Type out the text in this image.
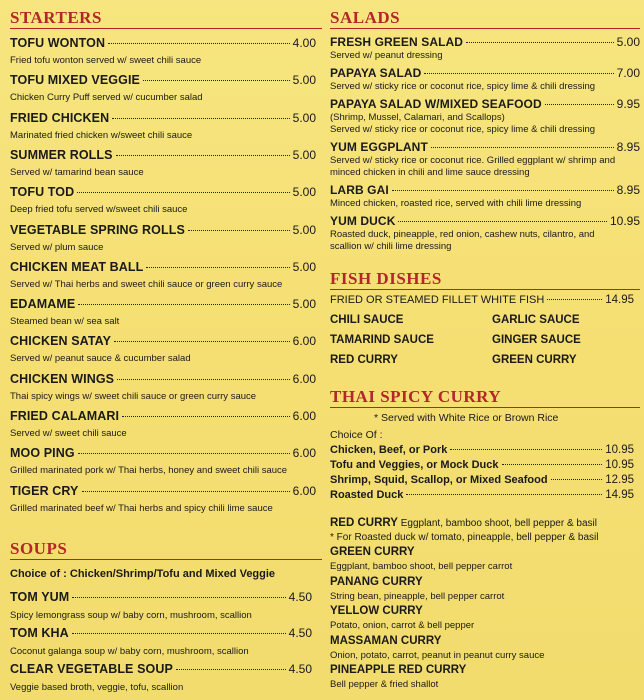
STARTERS
TOFU WONTON	4.00
Fried tofu wonton served w/ sweet chili sauce
TOFU MIXED VEGGIE	5.00
Chicken Curry Puff served w/ cucumber salad
FRIED CHICKEN	5.00
Marinated fried chicken w/sweet chili sauce
SUMMER ROLLS	5.00
Served w/ tamarind bean sauce
TOFU TOD	5.00
Deep fried tofu served w/sweet chili sauce
VEGETABLE SPRING ROLLS	5.00
Served w/ plum sauce
CHICKEN MEAT BALL	5.00
Served w/ Thai herbs and sweet chili sauce or green curry sauce
EDAMAME	5.00
Steamed bean w/ sea salt
CHICKEN SATAY	6.00
Served w/ peanut sauce & cucumber salad
CHICKEN WINGS	6.00
Thai spicy wings w/ sweet chili sauce or green curry sauce
FRIED CALAMARI	6.00
Served w/ sweet chili sauce
MOO PING	6.00
Grilled marinated pork w/ Thai herbs, honey and sweet chili sauce
TIGER CRY	6.00
Grilled marinated beef w/ Thai herbs and spicy chili lime sauce
SOUPS
Choice of : Chicken/Shrimp/Tofu and Mixed Veggie
TOM YUM	4.50
Spicy lemongrass soup w/ baby corn, mushroom, scallion
TOM KHA	4.50
Coconut galanga soup w/ baby corn, mushroom, scallion
CLEAR VEGETABLE SOUP	4.50
Veggie based broth, veggie, tofu, scallion
SALADS
FRESH GREEN SALAD	5.00
Served w/ peanut dressing
PAPAYA SALAD	7.00
Served w/ sticky rice or coconut rice, spicy lime & chili dressing
PAPAYA SALAD W/MIXED SEAFOOD	9.95
(Shrimp, Mussel, Calamari, and Scallops)
Served w/ sticky rice or coconut rice, spicy lime & chili dressing
YUM EGGPLANT	8.95
Served w/ sticky rice or coconut rice. Grilled eggplant w/ shrimp and
minced chicken in chili and lime sauce dressing
LARB GAI	8.95
Minced chicken, roasted rice, served with chili lime dressing
YUM DUCK	10.95
Roasted duck, pineapple, red onion, cashew nuts, cilantro, and
scallion w/ chili lime dressing
FISH DISHES
FRIED OR STEAMED FILLET WHITE FISH	14.95
CHILI SAUCE	GARLIC SAUCE
TAMARIND SAUCE	GINGER SAUCE
RED CURRY	GREEN CURRY
THAI SPICY CURRY
* Served with White Rice or Brown Rice
Choice Of :
Chicken, Beef, or Pork	10.95
Tofu and Veggies, or Mock Duck	10.95
Shrimp, Squid, Scallop, or Mixed Seafood	12.95
Roasted Duck	14.95
RED CURRY Eggplant, bamboo shoot, bell pepper & basil
* For Roasted duck w/ tomato, pineapple, bell pepper & basil
GREEN CURRY
Eggplant, bamboo shoot, bell pepper carrot
PANANG CURRY
String bean, pineapple, bell pepper carrot
YELLOW CURRY
Potato, onion, carrot & bell pepper
MASSAMAN CURRY
Onion, potato, carrot, peanut in peanut curry sauce
PINEAPPLE RED CURRY
Bell pepper & fried shallot
